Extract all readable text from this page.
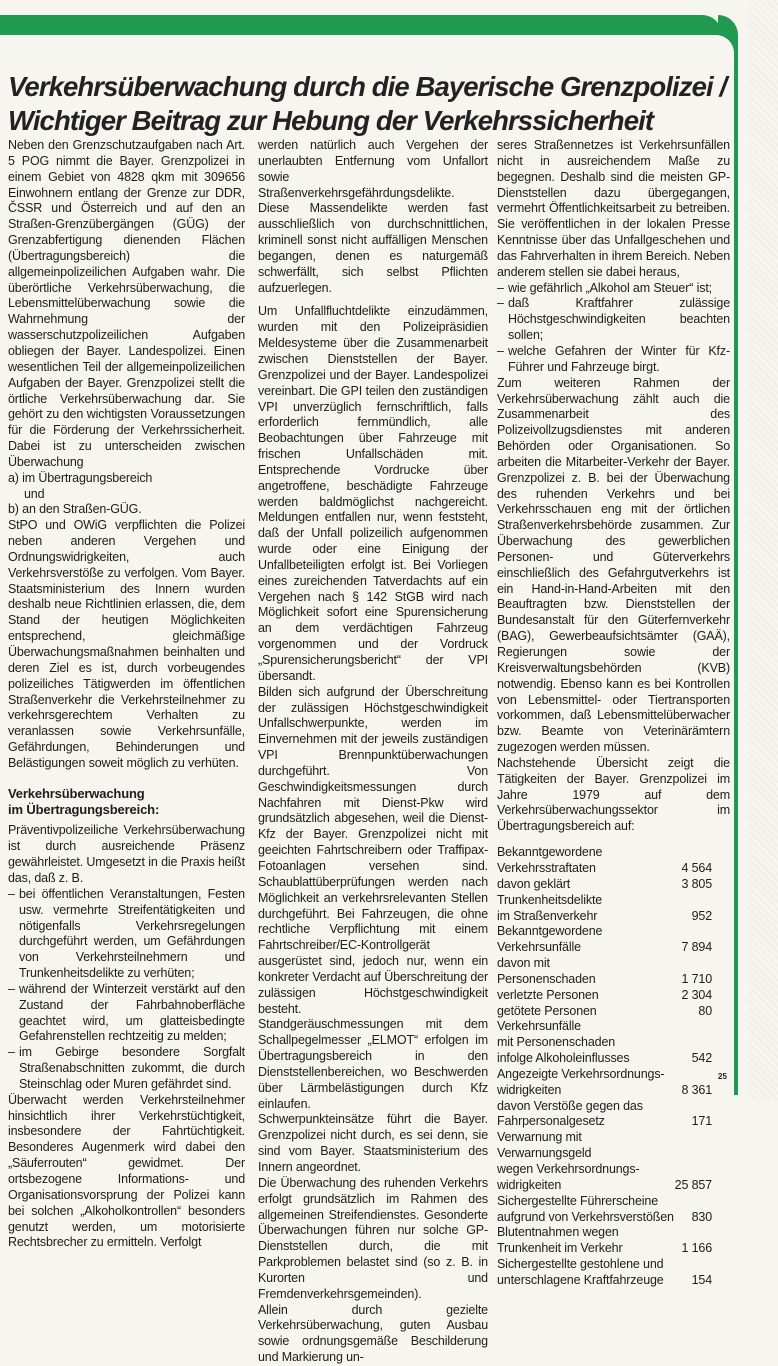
Verkehrsüberwachung durch die Bayerische Grenzpolizei / Wichtiger Beitrag zur Hebung der Verkehrssicherheit

Neben den Grenzschutzaufgaben nach Art. 5 POG nimmt die Bayer. Grenzpolizei in einem Gebiet von 4828 qkm mit 309656 Einwohnern entlang der Grenze zur DDR, ČSSR und Österreich und auf den an Straßen-Grenzübergängen (GÜG) der Grenzabfertigung dienenden Flächen (Übertragungsbereich) die allgemeinpolizeilichen Aufgaben wahr. Die überörtliche Verkehrsüberwachung, die Lebensmittelüberwachung sowie die Wahrnehmung der wasserschutzpolizeilichen Aufgaben obliegen der Bayer. Landespolizei. Einen wesentlichen Teil der allgemeinpolizeilichen Aufgaben der Bayer. Grenzpolizei stellt die örtliche Verkehrsüberwachung dar. Sie gehört zu den wichtigsten Voraussetzungen für die Förderung der Verkehrssicherheit. Dabei ist zu unterscheiden zwischen Überwachung

a) im Übertragungsbereich
und
b) an den Straßen-GÜG.

StPO und OWiG verpflichten die Polizei neben anderen Vergehen und Ordnungswidrigkeiten, auch Verkehrsverstöße zu verfolgen. Vom Bayer. Staatsministerium des Innern wurden deshalb neue Richtlinien erlassen, die, dem Stand der heutigen Möglichkeiten entsprechend, gleichmäßige Überwachungsmaßnahmen beinhalten und deren Ziel es ist, durch vorbeugendes polizeiliches Tätigwerden im öffentlichen Straßenverkehr die Verkehrsteilnehmer zu verkehrsgerechtem Verhalten zu veranlassen sowie Verkehrsunfälle, Gefährdungen, Behinderungen und Belästigungen soweit möglich zu verhüten.

Verkehrsüberwachung
im Übertragungsbereich:

Präventivpolizeiliche Verkehrsüberwachung ist durch ausreichende Präsenz gewährleistet. Umgesetzt in die Praxis heißt das, daß z. B.

– bei öffentlichen Veranstaltungen, Festen usw. vermehrte Streifentätigkeiten und nötigenfalls Verkehrsregelungen durchgeführt werden, um Gefährdungen von Verkehrsteilnehmern und Trunkenheitsdelikte zu verhüten;
– während der Winterzeit verstärkt auf den Zustand der Fahrbahnoberfläche geachtet wird, um glatteisbedingte Gefahrenstellen rechtzeitig zu melden;
– im Gebirge besondere Sorgfalt Straßenabschnitten zukommt, die durch Steinschlag oder Muren gefährdet sind.

Überwacht werden Verkehrsteilnehmer hinsichtlich ihrer Verkehrstüchtigkeit, insbesondere der Fahrtüchtigkeit. Besonderes Augenmerk wird dabei den „Säuferrouten“ gewidmet. Der ortsbezogene Informations- und Organisationsvorsprung der Polizei kann bei solchen „Alkoholkontrollen“ besonders genutzt werden, um motorisierte Rechtsbrecher zu ermitteln. Verfolgt

werden natürlich auch Vergehen der unerlaubten Entfernung vom Unfallort sowie Straßenverkehrsgefährdungsdelikte. Diese Massendelikte werden fast ausschließlich von durchschnittlichen, kriminell sonst nicht auffälligen Menschen begangen, denen es naturgemäß schwerfällt, sich selbst Pflichten aufzuerlegen.

Um Unfallfluchtdelikte einzudämmen, wurden mit den Polizeipräsidien Meldesysteme über die Zusammenarbeit zwischen Dienststellen der Bayer. Grenzpolizei und der Bayer. Landespolizei vereinbart. Die GPI teilen den zuständigen VPI unverzüglich fernschriftlich, falls erforderlich fernmündlich, alle Beobachtungen über Fahrzeuge mit frischen Unfallschäden mit. Entsprechende Vordrucke über angetroffene, beschädigte Fahrzeuge werden baldmöglichst nachgereicht. Meldungen entfallen nur, wenn feststeht, daß der Unfall polizeilich aufgenommen wurde oder eine Einigung der Unfallbeteiligten erfolgt ist. Bei Vorliegen eines zureichenden Tatverdachts auf ein Vergehen nach § 142 StGB wird nach Möglichkeit sofort eine Spurensicherung an dem verdächtigen Fahrzeug vorgenommen und der Vordruck „Spurensicherungsbericht“ der VPI übersandt.

Bilden sich aufgrund der Überschreitung der zulässigen Höchstgeschwindigkeit Unfallschwerpunkte, werden im Einvernehmen mit der jeweils zuständigen VPI Brennpunktüberwachungen durchgeführt. Von Geschwindigkeitsmessungen durch Nachfahren mit Dienst-Pkw wird grundsätzlich abgesehen, weil die Dienst-Kfz der Bayer. Grenzpolizei nicht mit geeichten Fahrtschreibern oder Traffipax-Fotoanlagen versehen sind. Schaublattüberprüfungen werden nach Möglichkeit an verkehrsrelevanten Stellen durchgeführt. Bei Fahrzeugen, die ohne rechtliche Verpflichtung mit einem Fahrtschreiber/EC-Kontrollgerät ausgerüstet sind, jedoch nur, wenn ein konkreter Verdacht auf Überschreitung der zulässigen Höchstgeschwindigkeit besteht.

Standgeräuschmessungen mit dem Schallpegelmesser „ELMOT“ erfolgen im Übertragungsbereich in den Dienststellenbereichen, wo Beschwerden über Lärmbelästigungen durch Kfz einlaufen.

Schwerpunkteinsätze führt die Bayer. Grenzpolizei nicht durch, es sei denn, sie sind vom Bayer. Staatsministerium des Innern angeordnet.

Die Überwachung des ruhenden Verkehrs erfolgt grundsätzlich im Rahmen des allgemeinen Streifendienstes. Gesonderte Überwachungen führen nur solche GP-Dienststellen durch, die mit Parkproblemen belastet sind (so z. B. in Kurorten und Fremdenverkehrsgemeinden).

Allein durch gezielte Verkehrsüberwachung, guten Ausbau sowie ordnungsgemäße Beschilderung und Markierung un-

seres Straßennetzes ist Verkehrsunfällen nicht in ausreichendem Maße zu begegnen. Deshalb sind die meisten GP-Dienststellen dazu übergegangen, vermehrt Öffentlichkeitsarbeit zu betreiben. Sie veröffentlichen in der lokalen Presse Kenntnisse über das Unfallgeschehen und das Fahrverhalten in ihrem Bereich. Neben anderem stellen sie dabei heraus,

– wie gefährlich „Alkohol am Steuer“ ist;
– daß Kraftfahrer zulässige Höchstgeschwindigkeiten beachten sollen;
– welche Gefahren der Winter für Kfz-Führer und Fahrzeuge birgt.

Zum weiteren Rahmen der Verkehrsüberwachung zählt auch die Zusammenarbeit des Polizeivollzugsdienstes mit anderen Behörden oder Organisationen. So arbeiten die Mitarbeiter-Verkehr der Bayer. Grenzpolizei z. B. bei der Überwachung des ruhenden Verkehrs und bei Verkehrsschauen eng mit der örtlichen Straßenverkehrsbehörde zusammen. Zur Überwachung des gewerblichen Personen- und Güterverkehrs einschließlich des Gefahrgutverkehrs ist ein Hand-in-Hand-Arbeiten mit den Beauftragten bzw. Dienststellen der Bundesanstalt für den Güterfernverkehr (BAG), Gewerbeaufsichtsämter (GAÄ), Regierungen sowie der Kreisverwaltungsbehörden (KVB) notwendig. Ebenso kann es bei Kontrollen von Lebensmittel- oder Tiertransporten vorkommen, daß Lebensmittelüberwacher bzw. Beamte von Veterinärämtern zugezogen werden müssen.

Nachstehende Übersicht zeigt die Tätigkeiten der Bayer. Grenzpolizei im Jahre 1979 auf dem Verkehrsüberwachungssektor im Übertragungsbereich auf:

Bekanntgewordene
Verkehrsstraftaten	4 564
davon geklärt	3 805
Trunkenheitsdelikte
im Straßenverkehr	952
Bekanntgewordene
Verkehrsunfälle	7 894
davon mit
Personenschaden	1 710
verletzte Personen	2 304
getötete Personen	80
Verkehrsunfälle
mit Personenschaden
infolge Alkoholeinflusses	542
Angezeigte Verkehrsordnungs-
widrigkeiten	8 361
davon Verstöße gegen das
Fahrpersonalgesetz	171
Verwarnung mit Verwarnungsgeld
wegen Verkehrsordnungs-
widrigkeiten	25 857
Sichergestellte Führerscheine
aufgrund von Verkehrsverstößen 830
Blutentnahmen wegen
Trunkenheit im Verkehr	1 166
Sichergestellte gestohlene und
unterschlagene Kraftfahrzeuge 154
25
